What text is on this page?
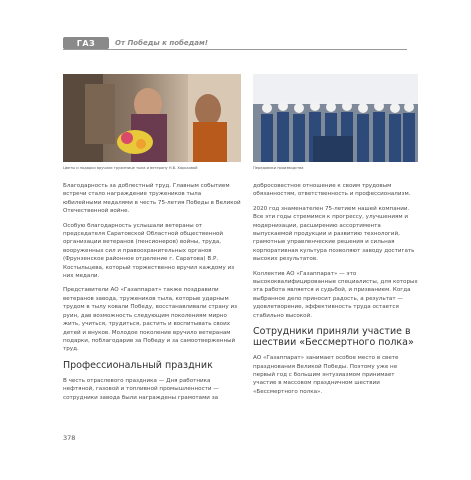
ГАЗ	От Победы к победам!
Цветы и подарки вручили труженице тыла и ветерану Н.В. Харьковой	Передовики производства

Благодарность за доблестный труд. Главным событием встречи стало награждение тружеников тыла юбилейными медалями в честь 75-летия Победы в Великой Отечественной войне.

Особую благодарность услышали ветераны от председателя Саратовской Областной общественной организации ветеранов (пенсионеров) войны, труда, вооруженных сил и правоохранительных органов (Фрунзенское районное отделение г. Саратова) В.Р. Костыльцева, который торжественно вручил каждому из них медали.

Представители АО «Газаппарат» также поздравили ветеранов завода, тружеников тыла, которые ударным трудом в тылу ковали Победу, восстанавливали страну из руин, дав возможность следующим поколениям мирно жить, учиться, трудиться, растить и воспитывать своих детей и внуков. Молодое поколение вручило ветеранам подарки, поблагодарив за Победу и за самоотверженный труд.

Профессиональный праздник

В честь отраслевого праздника — Дня работника нефтяной, газовой и топливной промышленности — сотрудники завода были награждены грамотами за

добросовестное отношение к своим трудовым обязанностям, ответственность и профессионализм.

2020 год знаменателен 75-летием нашей компании. Все эти годы стремимся к прогрессу, улучшениям и модернизации, расширению ассортимента выпускаемой продукции и развитию технологий, грамотные управленческие решения и сильная корпоративная культура позволяют заводу достигать высоких результатов.

Коллектив АО «Газаппарат» — это высококвалифицированные специалисты, для которых эта работа является и судьбой, и призванием. Когда выбранное дело приносит радость, а результат — удовлетворение, эффективность труда остается стабильно высокой.

Сотрудники приняли участие в шествии «Бессмертного полка»

АО «Газаппарат» занимает особое место в свете празднования Великой Победы. Поэтому уже не первый год с большим энтузиазмом принимает участие в массовом праздничном шествии «Бессмертного полка».

378
